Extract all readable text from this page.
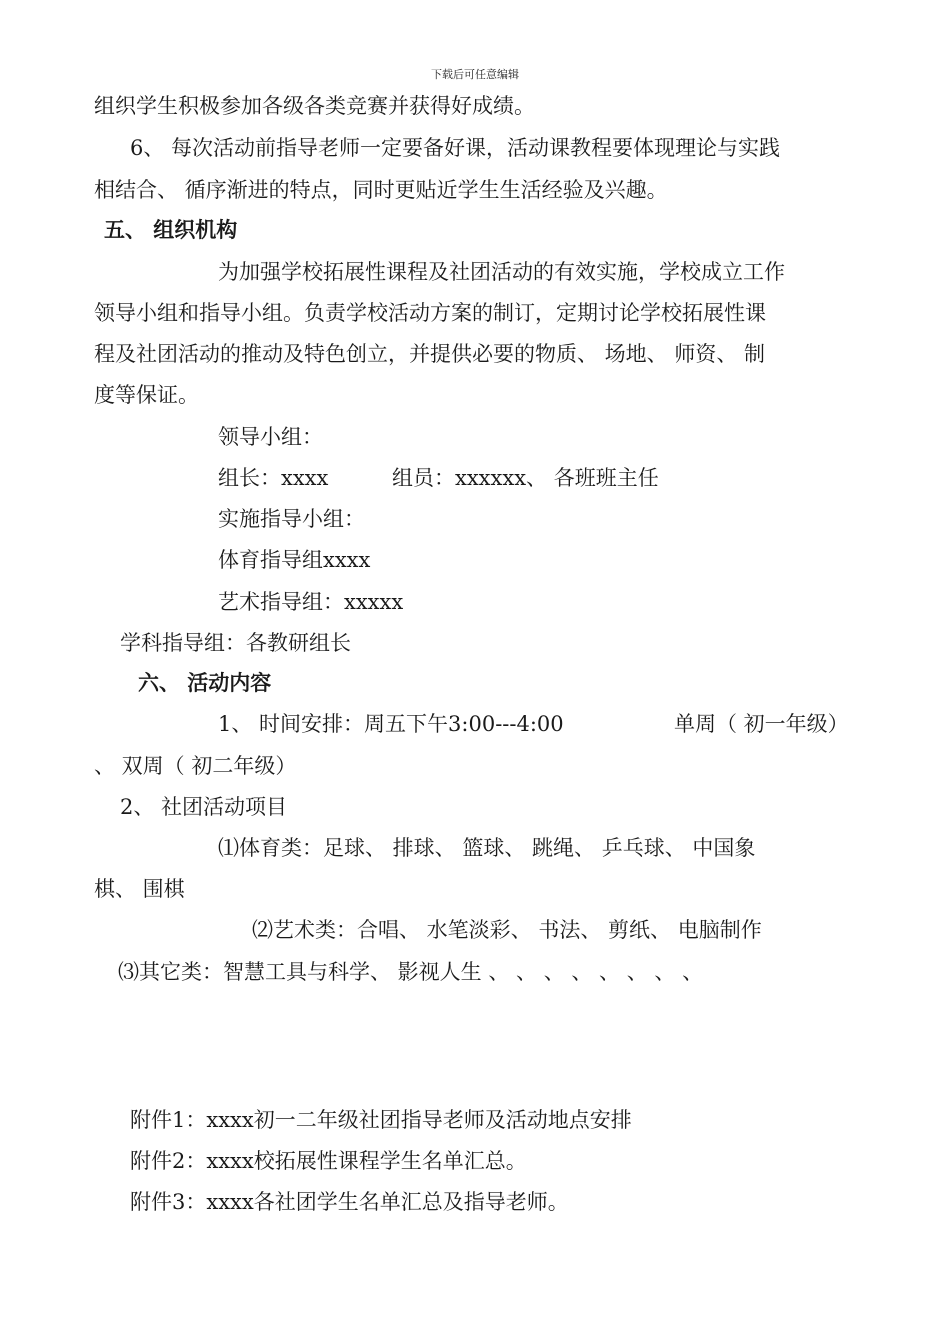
下载后可任意编辑
组织学生积极参加各级各类竞赛并获得好成绩。
6、 每次活动前指导老师一定要备好课，活动课教程要体现理论与实践
相结合、 循序渐进的特点，同时更贴近学生生活经验及兴趣。
五、 组织机构
为加强学校拓展性课程及社团活动的有效实施，学校成立工作
领导小组和指导小组。负责学校活动方案的制订，定期讨论学校拓展性课
程及社团活动的推动及特色创立，并提供必要的物质、 场地、 师资、 制
度等保证。
领导小组：
组长：xxxx	组员：xxxxxx、 各班班主任
实施指导小组：
体育指导组xxxx
艺术指导组：xxxxx
学科指导组：各教研组长
六、 活动内容
1、 时间安排：周五下午3:00---4:00	单周（ 初一年级）
、 双周（ 初二年级）
2、 社团活动项目
⑴体育类：足球、 排球、 篮球、 跳绳、 乒乓球、 中国象
棋、 围棋
⑵艺术类：合唱、 水笔淡彩、 书法、 剪纸、 电脑制作
⑶其它类：智慧工具与科学、 影视人生 、 、 、 、 、 、 、 、
附件1：xxxx初一二年级社团指导老师及活动地点安排
附件2：xxxx校拓展性课程学生名单汇总。
附件3：xxxx各社团学生名单汇总及指导老师。
